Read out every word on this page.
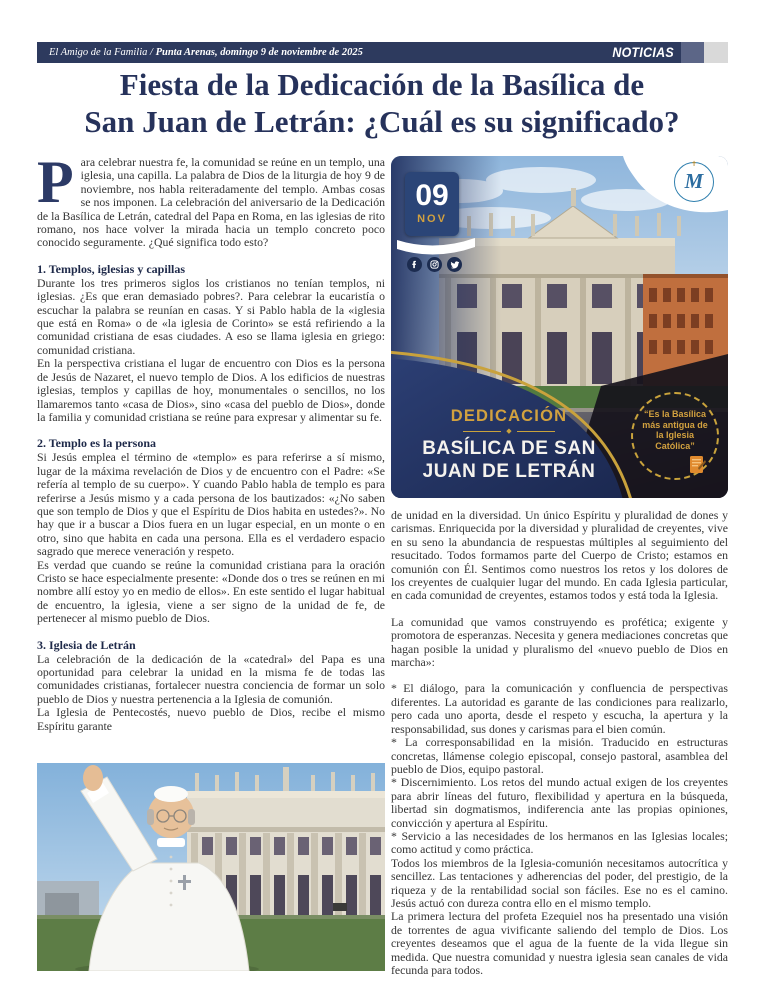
El Amigo de la Familia / Punta Arenas, domingo 9 de noviembre de 2025	NOTICIAS
Fiesta de la Dedicación de la Basílica de
San Juan de Letrán: ¿Cuál es su significado?

Para celebrar nuestra fe, la comunidad se reúne en un templo, una iglesia, una capilla. La palabra de Dios de la liturgia de hoy 9 de noviembre, nos habla reiteradamente del templo. Ambas cosas se nos imponen. La celebración del aniversario de la Dedicación de la Basílica de Letrán, catedral del Papa en Roma, en las iglesias de rito romano, nos hace volver la mirada hacia un templo concreto poco conocido seguramente. ¿Qué significa todo esto?

1. Templos, iglesias y capillas

Durante los tres primeros siglos los cristianos no tenían templos, ni iglesias. ¿Es que eran demasiado pobres?. Para celebrar la eucaristía o escuchar la palabra se reunían en casas. Y si Pablo habla de la «iglesia que está en Roma» o de «la iglesia de Corinto» se está refiriendo a la comunidad cristiana de esas ciudades. A eso se llama iglesia en griego: comunidad cristiana.

En la perspectiva cristiana el lugar de encuentro con Dios es la persona de Jesús de Nazaret, el nuevo templo de Dios. A los edificios de nuestras iglesias, templos y capillas de hoy, monumentales o sencillos, no los llamaremos tanto «casa de Dios», sino «casa del pueblo de Dios», donde la familia y comunidad cristiana se reúne para expresar y alimentar su fe.

2. Templo es la persona

Si Jesús emplea el término de «templo» es para referirse a sí mismo, lugar de la máxima revelación de Dios y de encuentro con el Padre: «Se refería al templo de su cuerpo». Y cuando Pablo habla de templo es para referirse a Jesús mismo y a cada persona de los bautizados: «¿No saben que son templo de Dios y que el Espíritu de Dios habita en ustedes?». No hay que ir a buscar a Dios fuera en un lugar especial, en un monte o en otro, sino que habita en cada una persona. Ella es el verdadero espacio sagrado que merece veneración y respeto.

Es verdad que cuando se reúne la comunidad cristiana para la oración Cristo se hace especialmente presente: «Donde dos o tres se reúnen en mi nombre allí estoy yo en medio de ellos». En este sentido el lugar habitual de encuentro, la iglesia, viene a ser signo de la unidad de fe, de pertenecer al mismo pueblo de Dios.

3. Iglesia de Letrán

La celebración de la dedicación de la «catedral» del Papa es una oportunidad para celebrar la unidad en la misma fe de todas las comunidades cristianas, fortalecer nuestra conciencia de formar un solo pueblo de Dios y nuestra pertenencia a la Iglesia de comunión.

La Iglesia de Pentecostés, nuevo pueblo de Dios, recibe el mismo Espíritu garante

09
NOV
✝
M
DEDICACIÓN
◆
BASÍLICA DE SAN
JUAN DE LETRÁN
“Es la Basílica más antigua de la Iglesia Católica”

de unidad en la diversidad. Un único Espíritu y pluralidad de dones y carismas. Enriquecida por la diversidad y pluralidad de creyentes, vive en su seno la abundancia de respuestas múltiples al seguimiento del resucitado. Todos formamos parte del Cuerpo de Cristo; estamos en comunión con Él. Sentimos como nuestros los retos y los dolores de los creyentes de cualquier lugar del mundo. En cada Iglesia particular, en cada comunidad de creyentes, estamos todos y está toda la Iglesia.

La comunidad que vamos construyendo es profética; exigente y promotora de esperanzas. Necesita y genera mediaciones concretas que hagan posible la unidad y pluralismo del «nuevo pueblo de Dios en marcha»:

* El diálogo, para la comunicación y confluencia de perspectivas diferentes. La autoridad es garante de las condiciones para realizarlo, pero cada uno aporta, desde el respeto y escucha, la apertura y la responsabilidad, sus dones y carismas para el bien común.

* La corresponsabilidad en la misión. Traducido en estructuras concretas, llámense colegio episcopal, consejo pastoral, asamblea del pueblo de Dios, equipo pastoral.

* Discernimiento. Los retos del mundo actual exigen de los creyentes para abrir líneas del futuro, flexibilidad y apertura en la búsqueda, libertad sin dogmatismos, indiferencia ante las propias opiniones, convicción y apertura al Espíritu.

* Servicio a las necesidades de los hermanos en las Iglesias locales; como actitud y como práctica.

Todos los miembros de la Iglesia-comunión necesitamos autocrítica y sencillez. Las tentaciones y adherencias del poder, del prestigio, de la riqueza y de la rentabilidad social son fáciles. Ese no es el camino. Jesús actuó con dureza contra ello en el mismo templo.

La primera lectura del profeta Ezequiel nos ha presentado una visión de torrentes de agua vivificante saliendo del templo de Dios. Los creyentes deseamos que el agua de la fuente de la vida llegue sin medida. Que nuestra comunidad y nuestra iglesia sean canales de vida fecunda para todos.
